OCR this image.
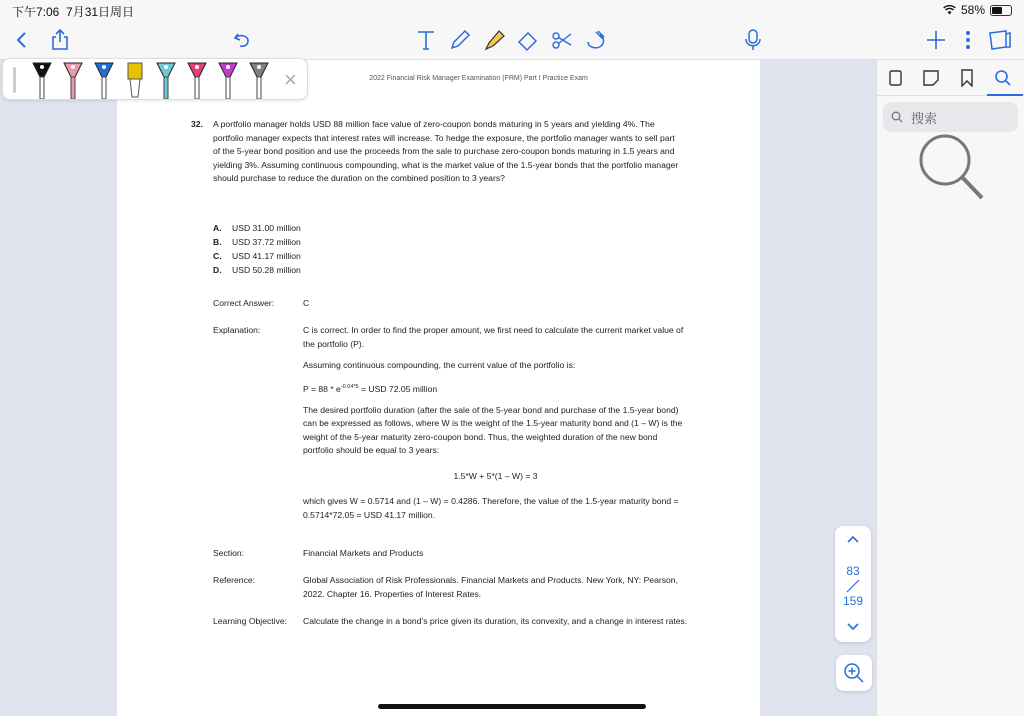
下午7:06 7月31日周日	58%
2022 Financial Risk Manager Examination (FRM) Part I Practice Exam
32. A portfolio manager holds USD 88 million face value of zero-coupon bonds maturing in 5 years and yielding 4%. The portfolio manager expects that interest rates will increase. To hedge the exposure, the portfolio manager wants to sell part of the 5-year bond position and use the proceeds from the sale to purchase zero-coupon bonds maturing in 1.5 years and yielding 3%. Assuming continuous compounding, what is the market value of the 1.5-year bonds that the portfolio manager should purchase to reduce the duration on the combined position to 3 years?
A.	USD 31.00 million
B.	USD 37.72 million
C.	USD 41.17 million
D.	USD 50.28 million
Correct Answer:	C
Explanation:	C is correct. In order to find the proper amount, we first need to calculate the current market value of the portfolio (P).
Assuming continuous compounding, the current value of the portfolio is:
$P = 88 * e^{-0.04*5}$ = USD 72.05 million
The desired portfolio duration (after the sale of the 5-year bond and purchase of the 1.5-year bond) can be expressed as follows, where W is the weight of the 1.5-year maturity bond and (1 – W) is the weight of the 5-year maturity zero-coupon bond. Thus, the weighted duration of the new bond portfolio should be equal to 3 years:
1.5*W + 5*(1 – W) = 3
which gives W = 0.5714 and (1 – W) = 0.4286. Therefore, the value of the 1.5-year maturity bond = 0.5714*72.05 = USD 41.17 million.
Section:	Financial Markets and Products
Reference:	Global Association of Risk Professionals. Financial Markets and Products. New York, NY: Pearson, 2022. Chapter 16. Properties of Interest Rates.
Learning Objective:	Calculate the change in a bond’s price given its duration, its convexity, and a change in interest rates.
×
搜索
83
159
